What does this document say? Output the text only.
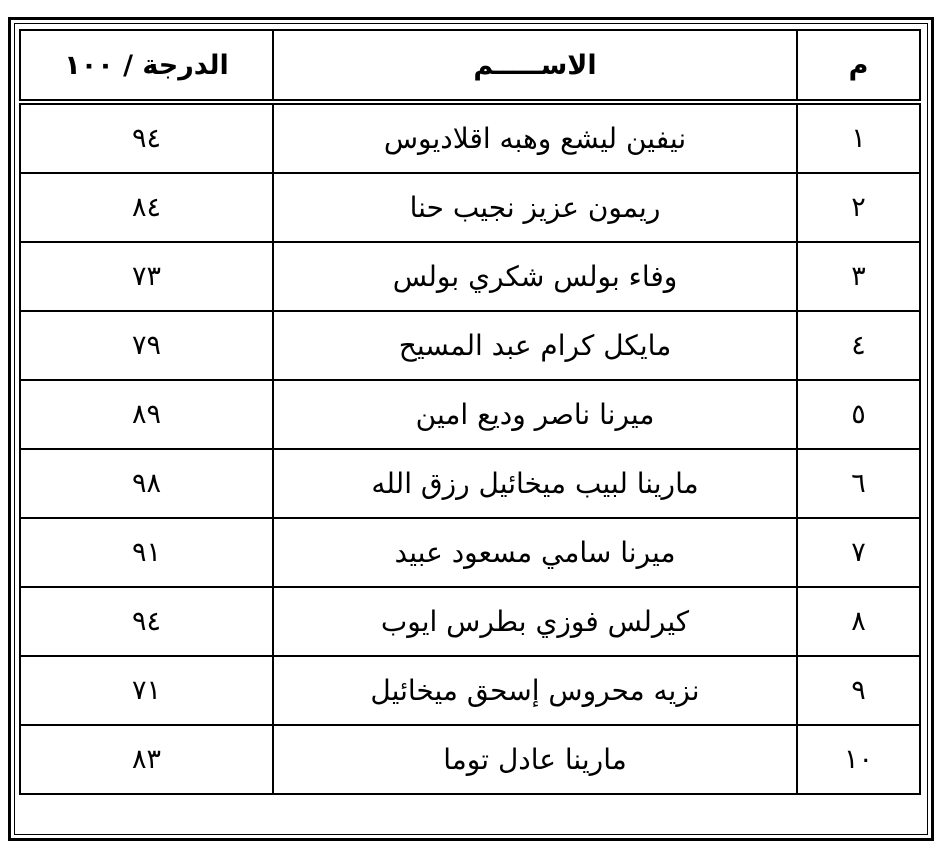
م	الاســـــم	الدرجة / ١٠٠
١	نيفين ليشع وهبه اقلاديوس	٩٤
٢	ريمون عزيز نجيب حنا	٨٤
٣	وفاء بولس شكري بولس	٧٣
٤	مايكل كرام عبد المسيح	٧٩
٥	ميرنا ناصر وديع امين	٨٩
٦	مارينا لبيب ميخائيل رزق الله	٩٨
٧	ميرنا سامي مسعود عبيد	٩١
٨	كيرلس فوزي بطرس ايوب	٩٤
٩	نزيه محروس إسحق ميخائيل	٧١
١٠	مارينا عادل توما	٨٣
